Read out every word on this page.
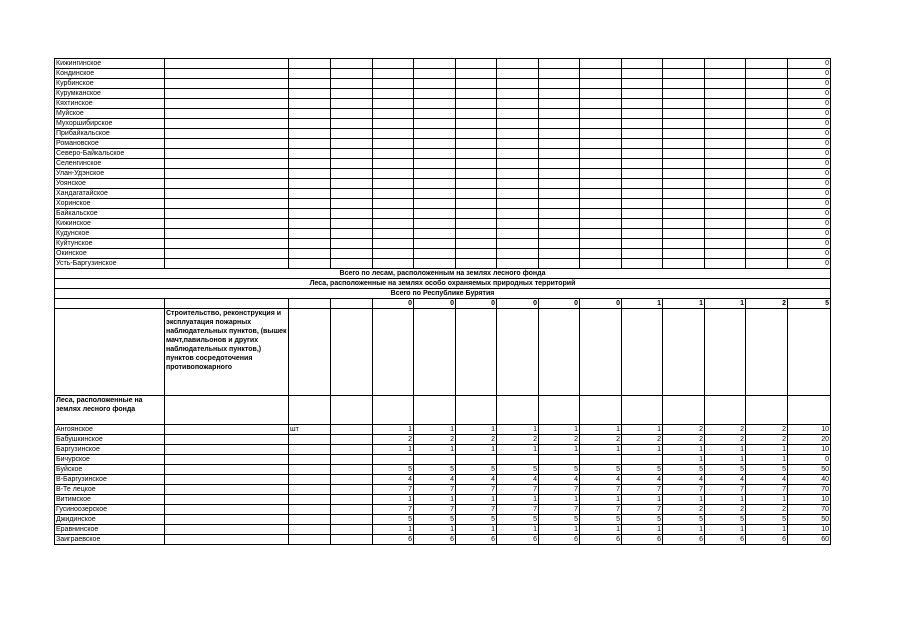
Кижингинское														0
Кондинское														0
Курбинское														0
Курумканское														0
Кяхтинское														0
Муйское														0
Мухоршибирское														0
Прибайкальское														0
Романовское														0
Северо-Байкальское														0
Селенгинское														0
Улан-Удэнское														0
Уоянское														0
Хандагатайское														0
Хоринское														0
Байкальское														0
Кижинское														0
Кудунское														0
Куйтунское														0
Окинское														0
Усть-Баргузинское														0
Всего по лесам, расположенным на землях лесного фонда														
Леса, расположенные на землях особо охраняемых природных территорий														
Всего по Республике Бурятия														
				0	0	0	0	0	0	1	1	1	2	5
	Строительство, реконструкция и эксплуатация пожарных наблюдательных пунктов, (вышек мачт,павильонов и других наблюдательных пунктов,) пунктов сосредоточения противопожарного													
Леса, расположенные на землях лесного фонда														
Ангоянское		шт		1	1	1	1	1	1	1	2	2	2	10
Бабушкинское				2	2	2	2	2	2	2	2	2	2	20
Баргузинское				1	1	1	1	1	1	1	1	1	1	10
Бичурское											1	1	1	0
Буйское				5	5	5	5	5	5	5	5	5	5	50
В-Баргузинское				4	4	4	4	4	4	4	4	4	4	40
В-Те лецкое				7	7	7	7	7	7	7	7	7	7	70
Витимское				1	1	1	1	1	1	1	1	1	1	10
Гусиноозерское				7	7	7	7	7	7	7	2	2	2	70
Джидинское				5	5	5	5	5	5	5	5	5	5	50
Еравнинское				1	1	1	1	1	1	1	1	1	1	10
Заиграевское				6	6	6	6	6	6	6	6	6	6	60
